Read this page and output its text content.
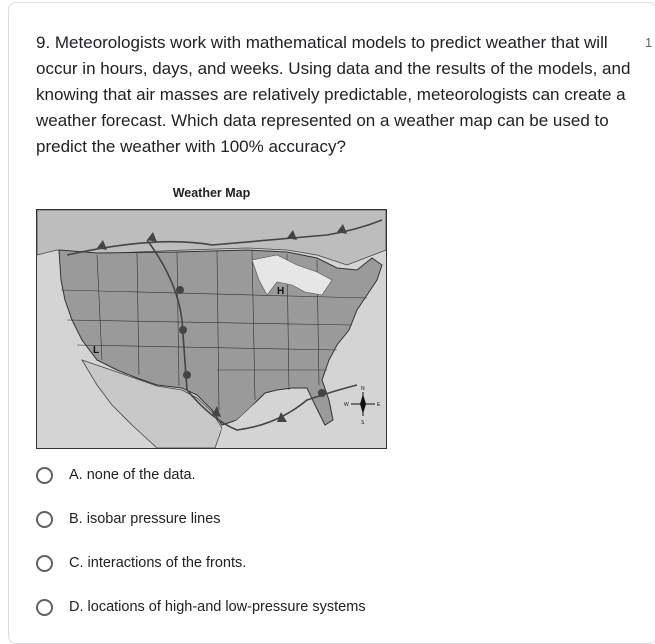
9. Meteorologists work with mathematical models to predict weather that will occur in hours, days, and weeks. Using data and the results of the models, and knowing that air masses are relatively predictable, meteorologists can create a weather forecast. Which data represented on a weather map can be used to predict the weather with 100% accuracy?
1
Weather Map
H
L
N
S
E
W
A. none of the data.
B. isobar pressure lines
C. interactions of the fronts.
D. locations of high-and low-pressure systems
